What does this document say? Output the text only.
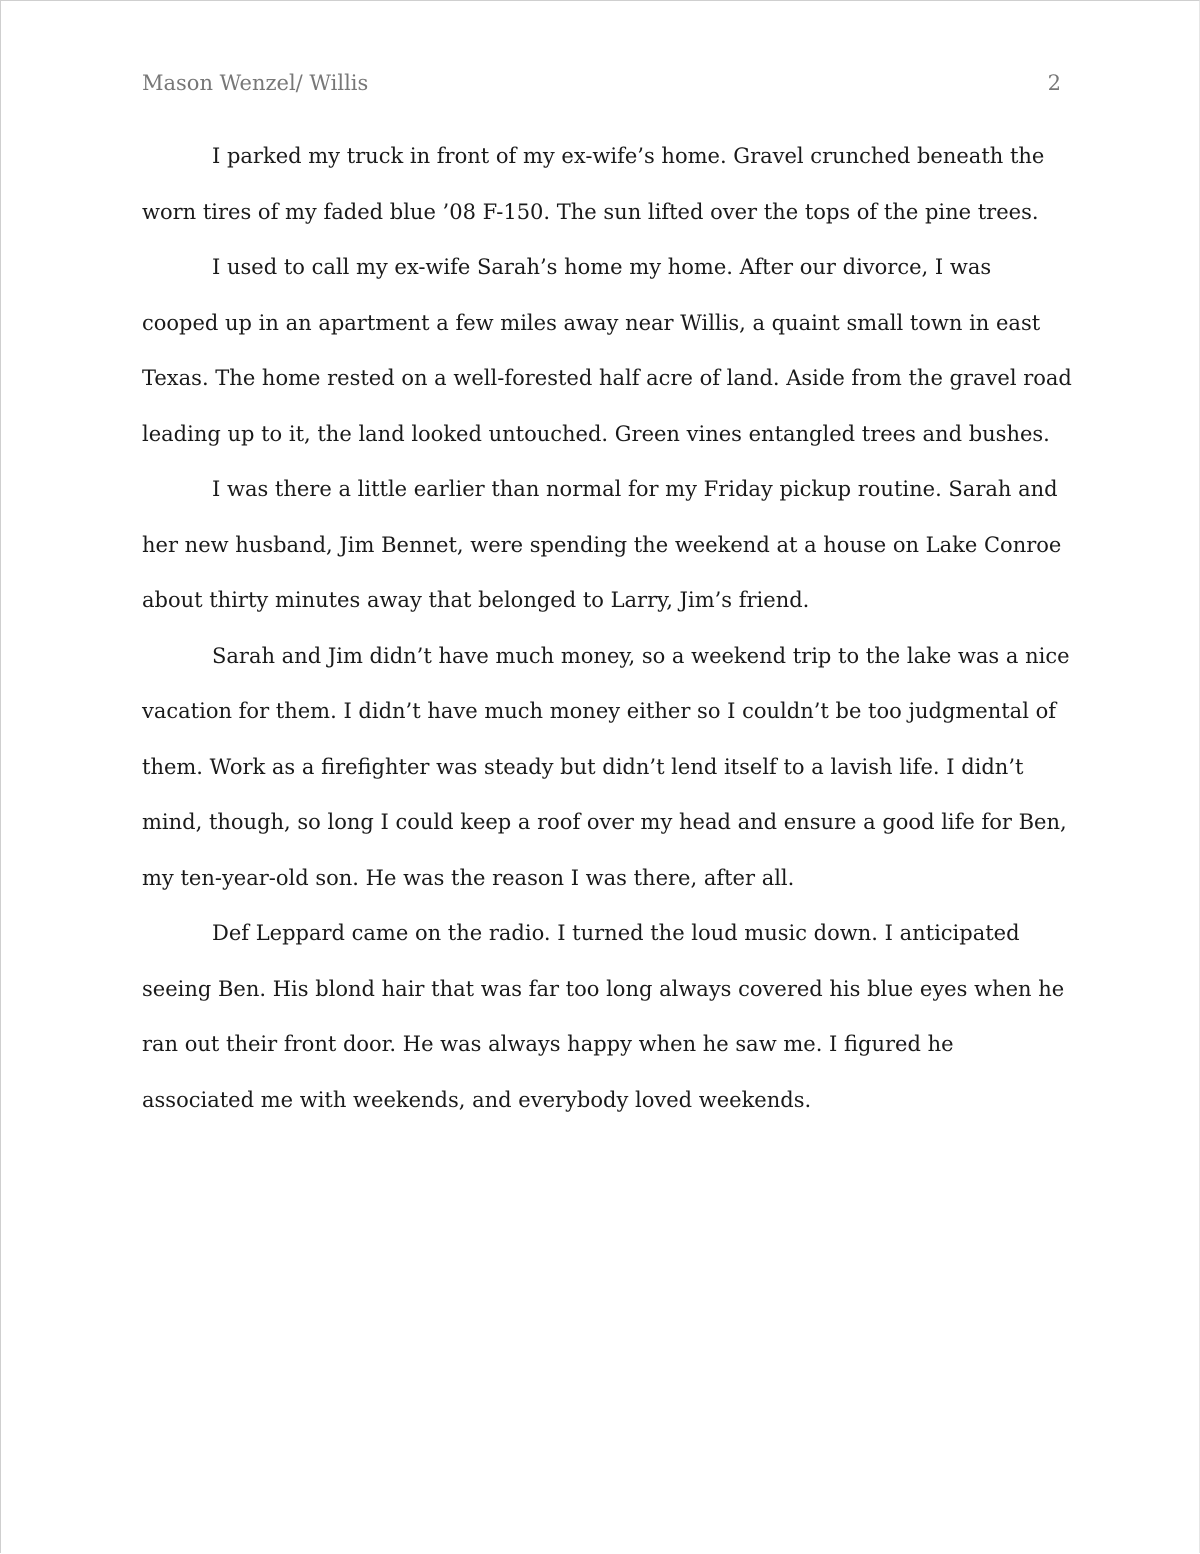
Mason Wenzel/ Willis	2

I parked my truck in front of my ex-wife’s home. Gravel crunched beneath the worn tires of my faded blue ’08 F-150. The sun lifted over the tops of the pine trees.

I used to call my ex-wife Sarah’s home my home. After our divorce, I was cooped up in an apartment a few miles away near Willis, a quaint small town in east Texas. The home rested on a well-forested half acre of land. Aside from the gravel road leading up to it, the land looked untouched. Green vines entangled trees and bushes.

I was there a little earlier than normal for my Friday pickup routine. Sarah and her new husband, Jim Bennet, were spending the weekend at a house on Lake Conroe about thirty minutes away that belonged to Larry, Jim’s friend.

Sarah and Jim didn’t have much money, so a weekend trip to the lake was a nice vacation for them. I didn’t have much money either so I couldn’t be too judgmental of them. Work as a firefighter was steady but didn’t lend itself to a lavish life. I didn’t mind, though, so long I could keep a roof over my head and ensure a good life for Ben, my ten-year-old son. He was the reason I was there, after all.

Def Leppard came on the radio. I turned the loud music down. I anticipated seeing Ben. His blond hair that was far too long always covered his blue eyes when he ran out their front door. He was always happy when he saw me. I figured he associated me with weekends, and everybody loved weekends.
